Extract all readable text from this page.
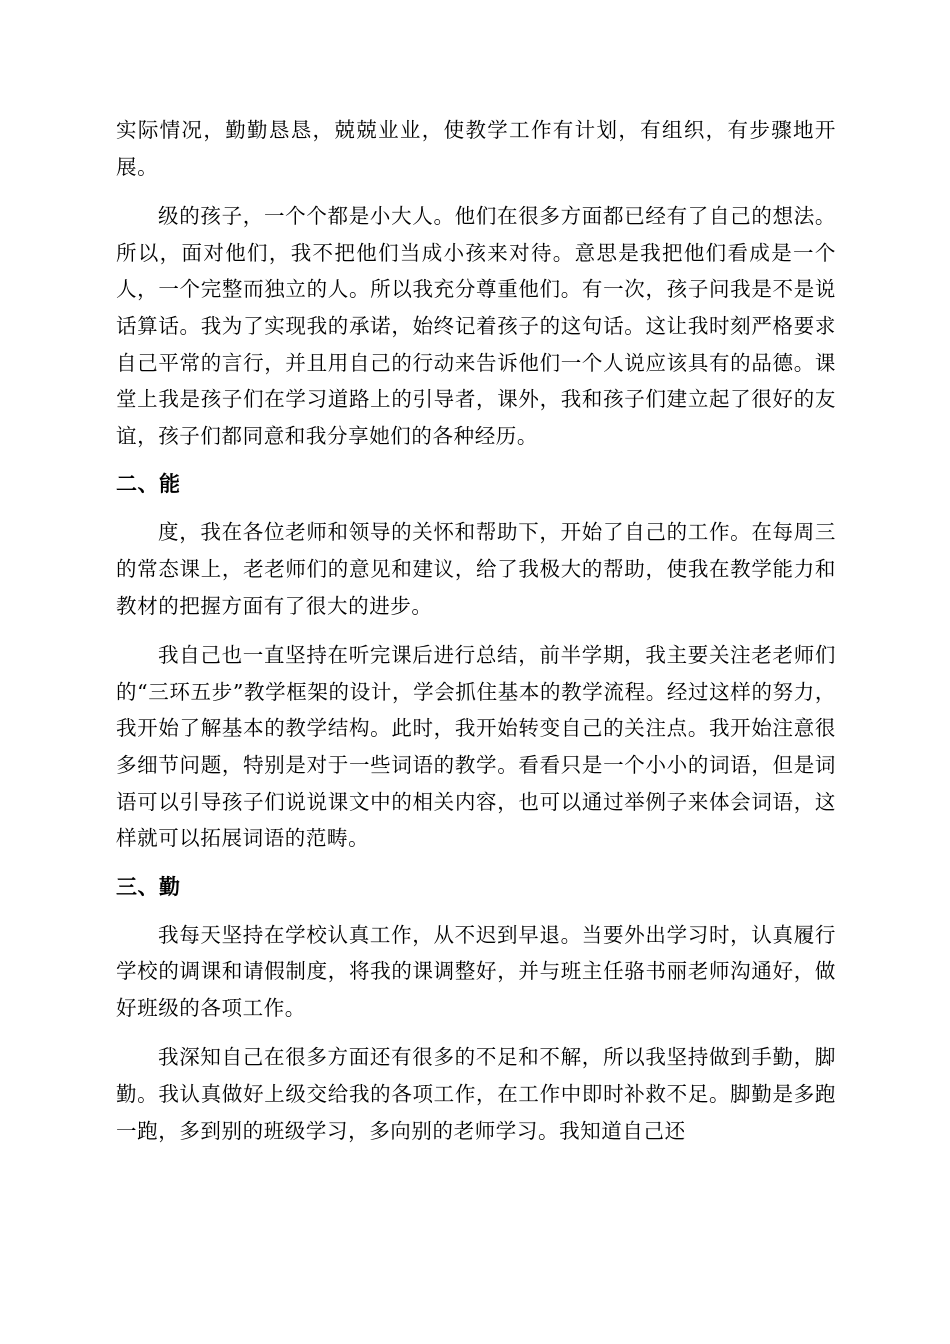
实际情况，勤勤恳恳，兢兢业业，使教学工作有计划，有组织，有步骤地开展。

级的孩子，一个个都是小大人。他们在很多方面都已经有了自己的想法。所以，面对他们，我不把他们当成小孩来对待。意思是我把他们看成是一个人，一个完整而独立的人。所以我充分尊重他们。有一次，孩子问我是不是说话算话。我为了实现我的承诺，始终记着孩子的这句话。这让我时刻严格要求自己平常的言行，并且用自己的行动来告诉他们一个人说应该具有的品德。课堂上我是孩子们在学习道路上的引导者，课外，我和孩子们建立起了很好的友谊，孩子们都同意和我分享她们的各种经历。

二、能

度，我在各位老师和领导的关怀和帮助下，开始了自己的工作。在每周三的常态课上，老老师们的意见和建议，给了我极大的帮助，使我在教学能力和教材的把握方面有了很大的进步。

我自己也一直坚持在听完课后进行总结，前半学期，我主要关注老老师们的“三环五步”教学框架的设计，学会抓住基本的教学流程。经过这样的努力，我开始了解基本的教学结构。此时，我开始转变自己的关注点。我开始注意很多细节问题，特别是对于一些词语的教学。看看只是一个小小的词语，但是词语可以引导孩子们说说课文中的相关内容，也可以通过举例子来体会词语，这样就可以拓展词语的范畴。

三、勤

我每天坚持在学校认真工作，从不迟到早退。当要外出学习时，认真履行学校的调课和请假制度，将我的课调整好，并与班主任骆书丽老师沟通好，做好班级的各项工作。

我深知自己在很多方面还有很多的不足和不解，所以我坚持做到手勤，脚勤。我认真做好上级交给我的各项工作，在工作中即时补救不足。脚勤是多跑一跑，多到别的班级学习，多向别的老师学习。我知道自己还
